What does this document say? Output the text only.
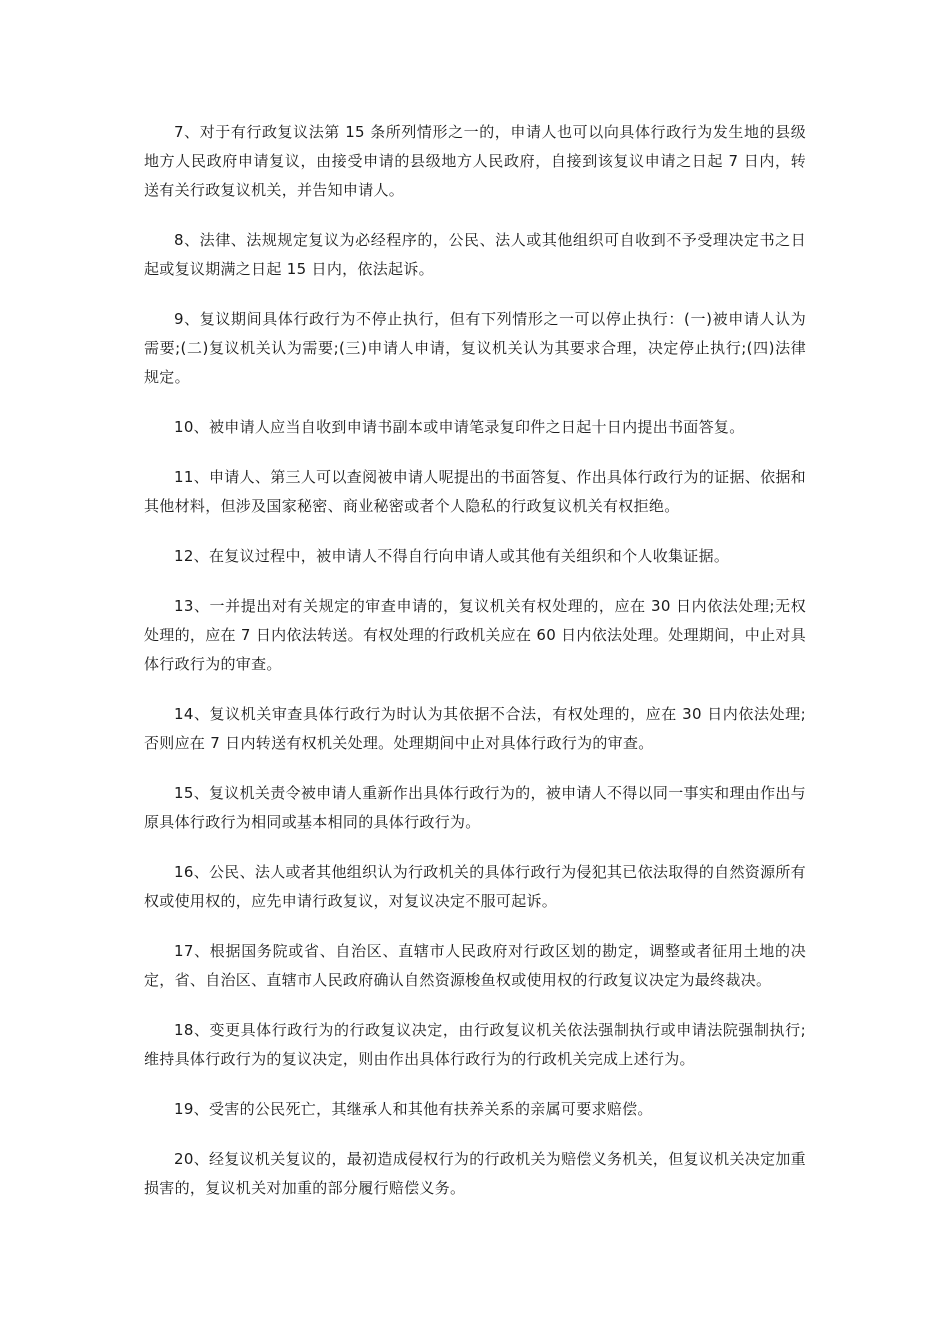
7、对于有行政复议法第 15 条所列情形之一的，申请人也可以向具体行政行为发生地的县级地方人民政府申请复议，由接受申请的县级地方人民政府，自接到该复议申请之日起 7 日内，转送有关行政复议机关，并告知申请人。

8、法律、法规规定复议为必经程序的，公民、法人或其他组织可自收到不予受理决定书之日起或复议期满之日起 15 日内，依法起诉。

9、复议期间具体行政行为不停止执行，但有下列情形之一可以停止执行：(一)被申请人认为需要;(二)复议机关认为需要;(三)申请人申请，复议机关认为其要求合理，决定停止执行;(四)法律规定。

10、被申请人应当自收到申请书副本或申请笔录复印件之日起十日内提出书面答复。

11、申请人、第三人可以查阅被申请人呢提出的书面答复、作出具体行政行为的证据、依据和其他材料，但涉及国家秘密、商业秘密或者个人隐私的行政复议机关有权拒绝。

12、在复议过程中，被申请人不得自行向申请人或其他有关组织和个人收集证据。

13、一并提出对有关规定的审查申请的，复议机关有权处理的，应在 30 日内依法处理;无权处理的，应在 7 日内依法转送。有权处理的行政机关应在 60 日内依法处理。处理期间，中止对具体行政行为的审查。

14、复议机关审查具体行政行为时认为其依据不合法，有权处理的，应在 30 日内依法处理;否则应在 7 日内转送有权机关处理。处理期间中止对具体行政行为的审查。

15、复议机关责令被申请人重新作出具体行政行为的，被申请人不得以同一事实和理由作出与原具体行政行为相同或基本相同的具体行政行为。

16、公民、法人或者其他组织认为行政机关的具体行政行为侵犯其已依法取得的自然资源所有权或使用权的，应先申请行政复议，对复议决定不服可起诉。

17、根据国务院或省、自治区、直辖市人民政府对行政区划的勘定，调整或者征用土地的决定，省、自治区、直辖市人民政府确认自然资源梭鱼权或使用权的行政复议决定为最终裁决。

18、变更具体行政行为的行政复议决定，由行政复议机关依法强制执行或申请法院强制执行;维持具体行政行为的复议决定，则由作出具体行政行为的行政机关完成上述行为。

19、受害的公民死亡，其继承人和其他有扶养关系的亲属可要求赔偿。

20、经复议机关复议的，最初造成侵权行为的行政机关为赔偿义务机关，但复议机关决定加重损害的，复议机关对加重的部分履行赔偿义务。
